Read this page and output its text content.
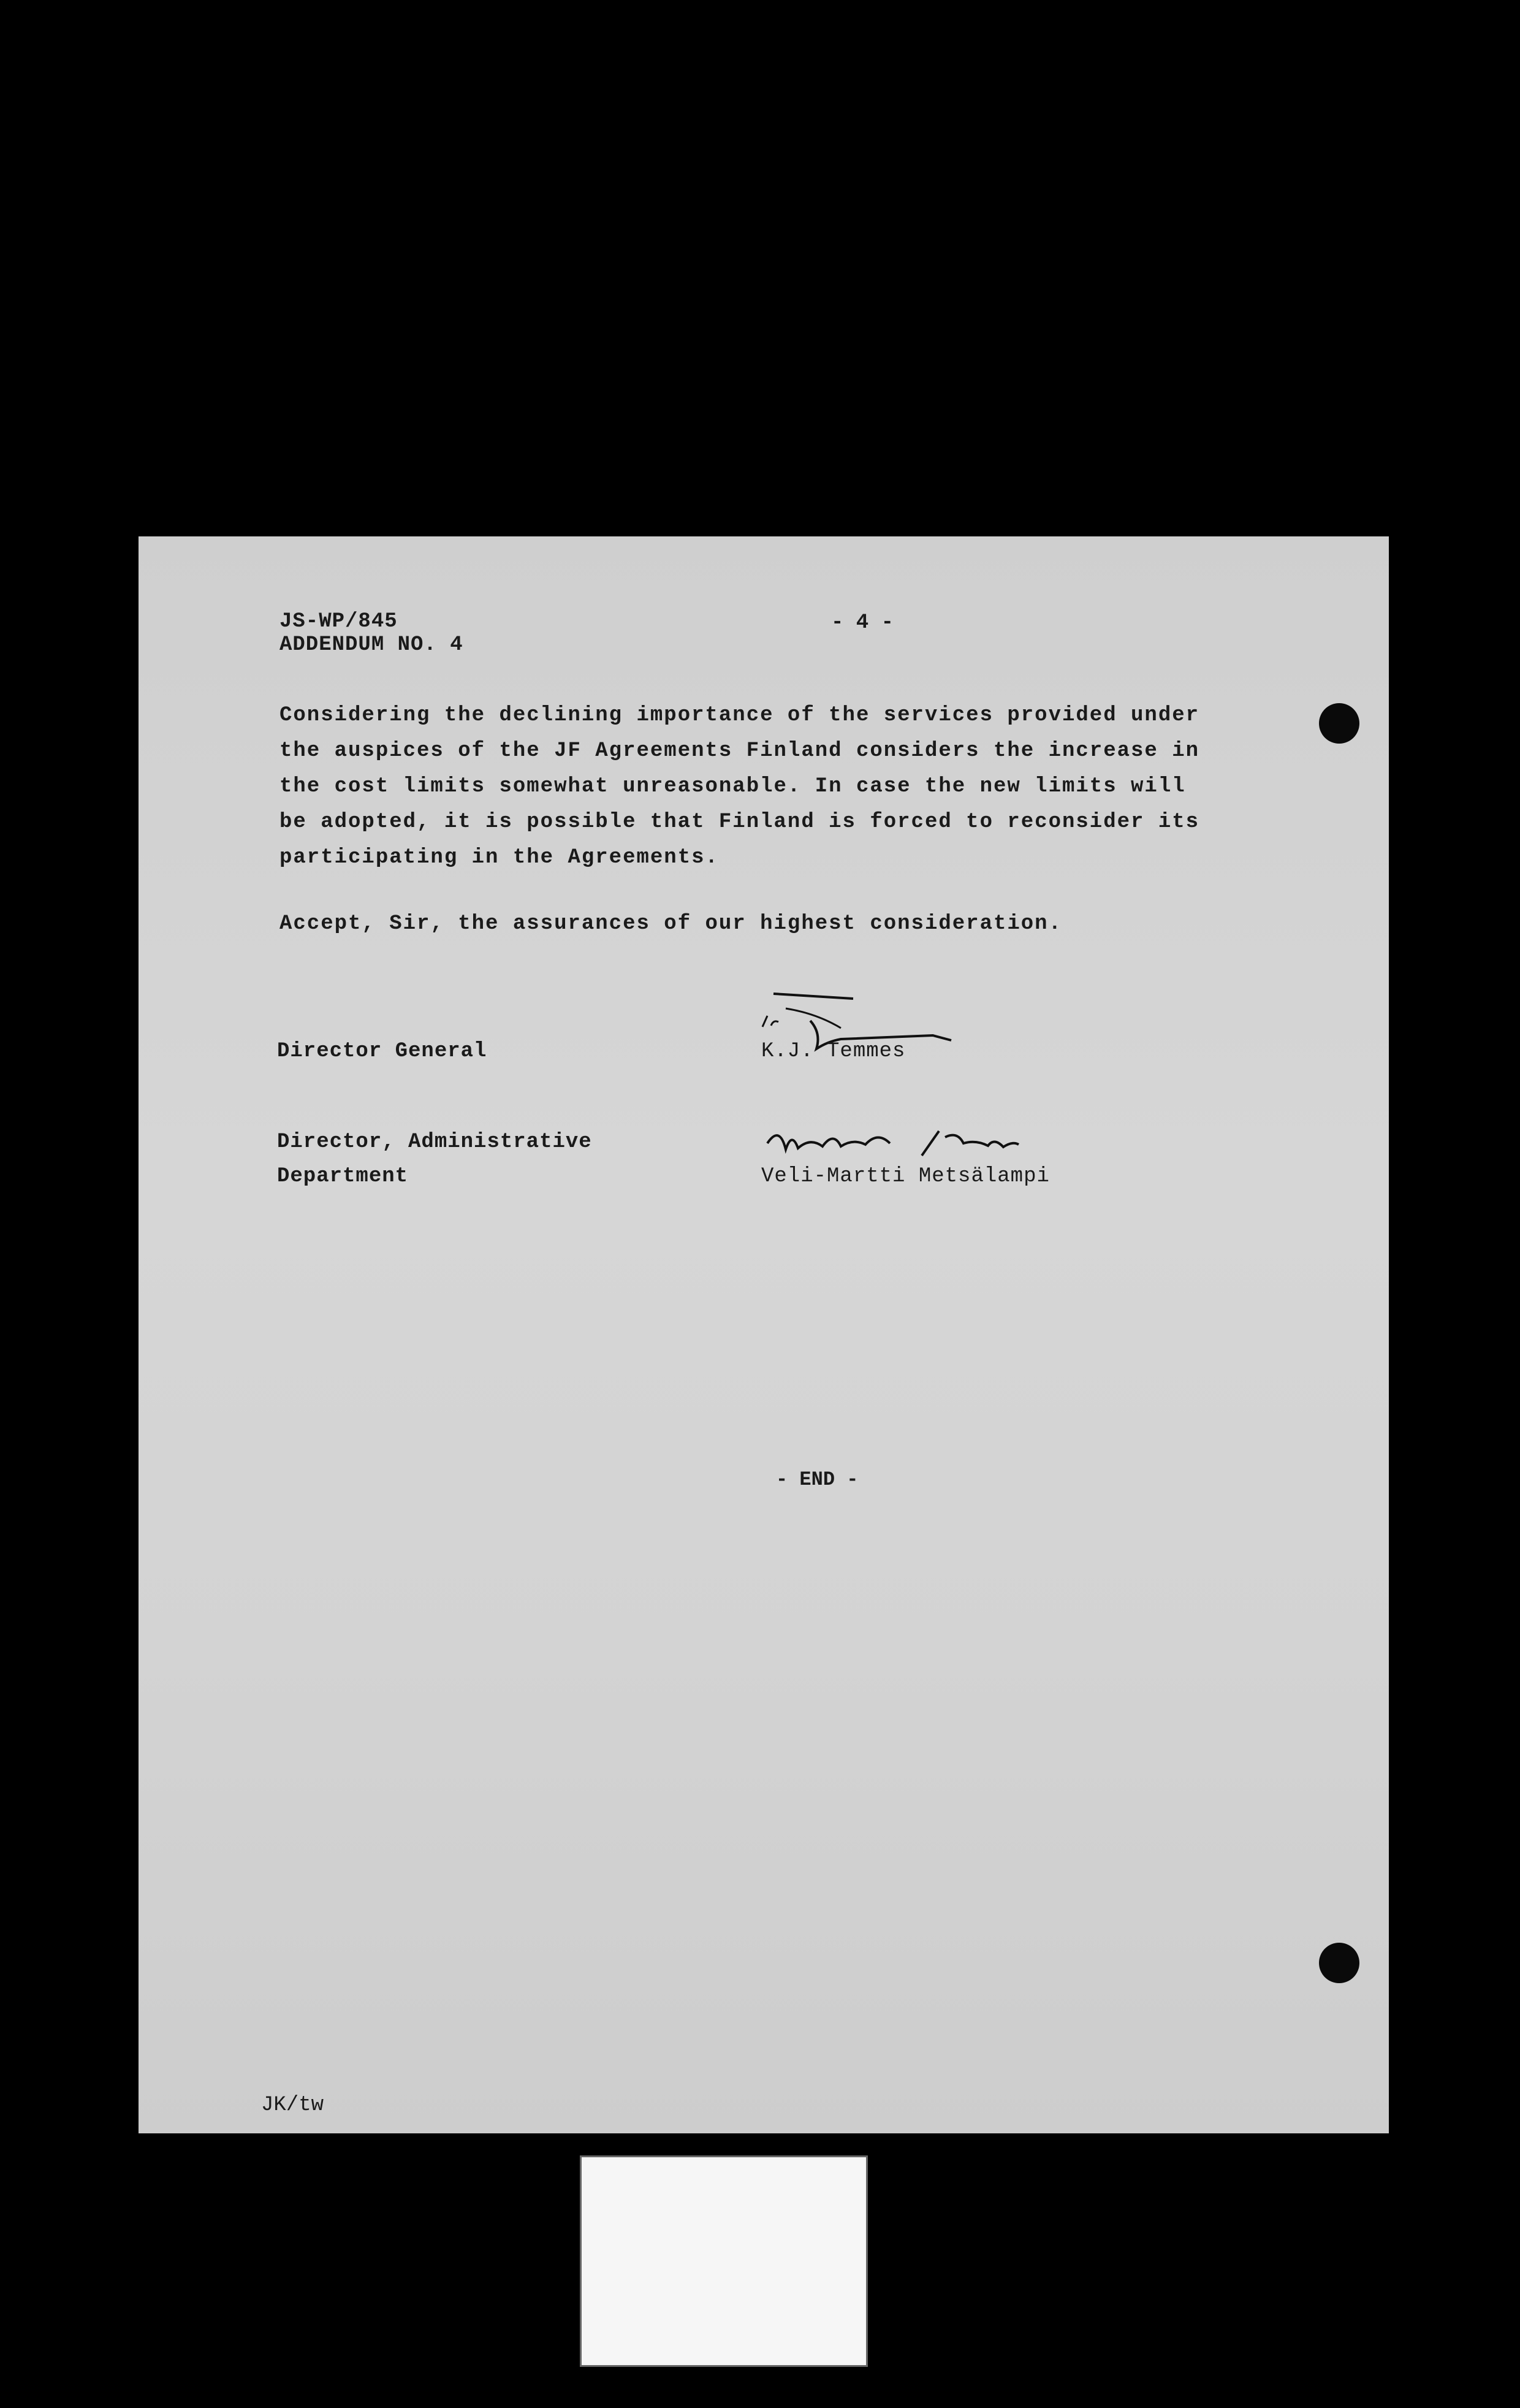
JS-WP/845
ADDENDUM NO. 4
- 4 -

Considering the declining importance of the services provided under the auspices of the JF Agreements Finland considers the increase in the cost limits somewhat unreasonable. In case the new limits will be adopted, it is possible that Finland is forced to reconsider its participating in the Agreements.

Accept, Sir, the assurances of our highest consideration.

Director General	K.J. Temmes
Director, Administrative
Department	Veli-Martti Metsälampi
- END -
JK/tw
